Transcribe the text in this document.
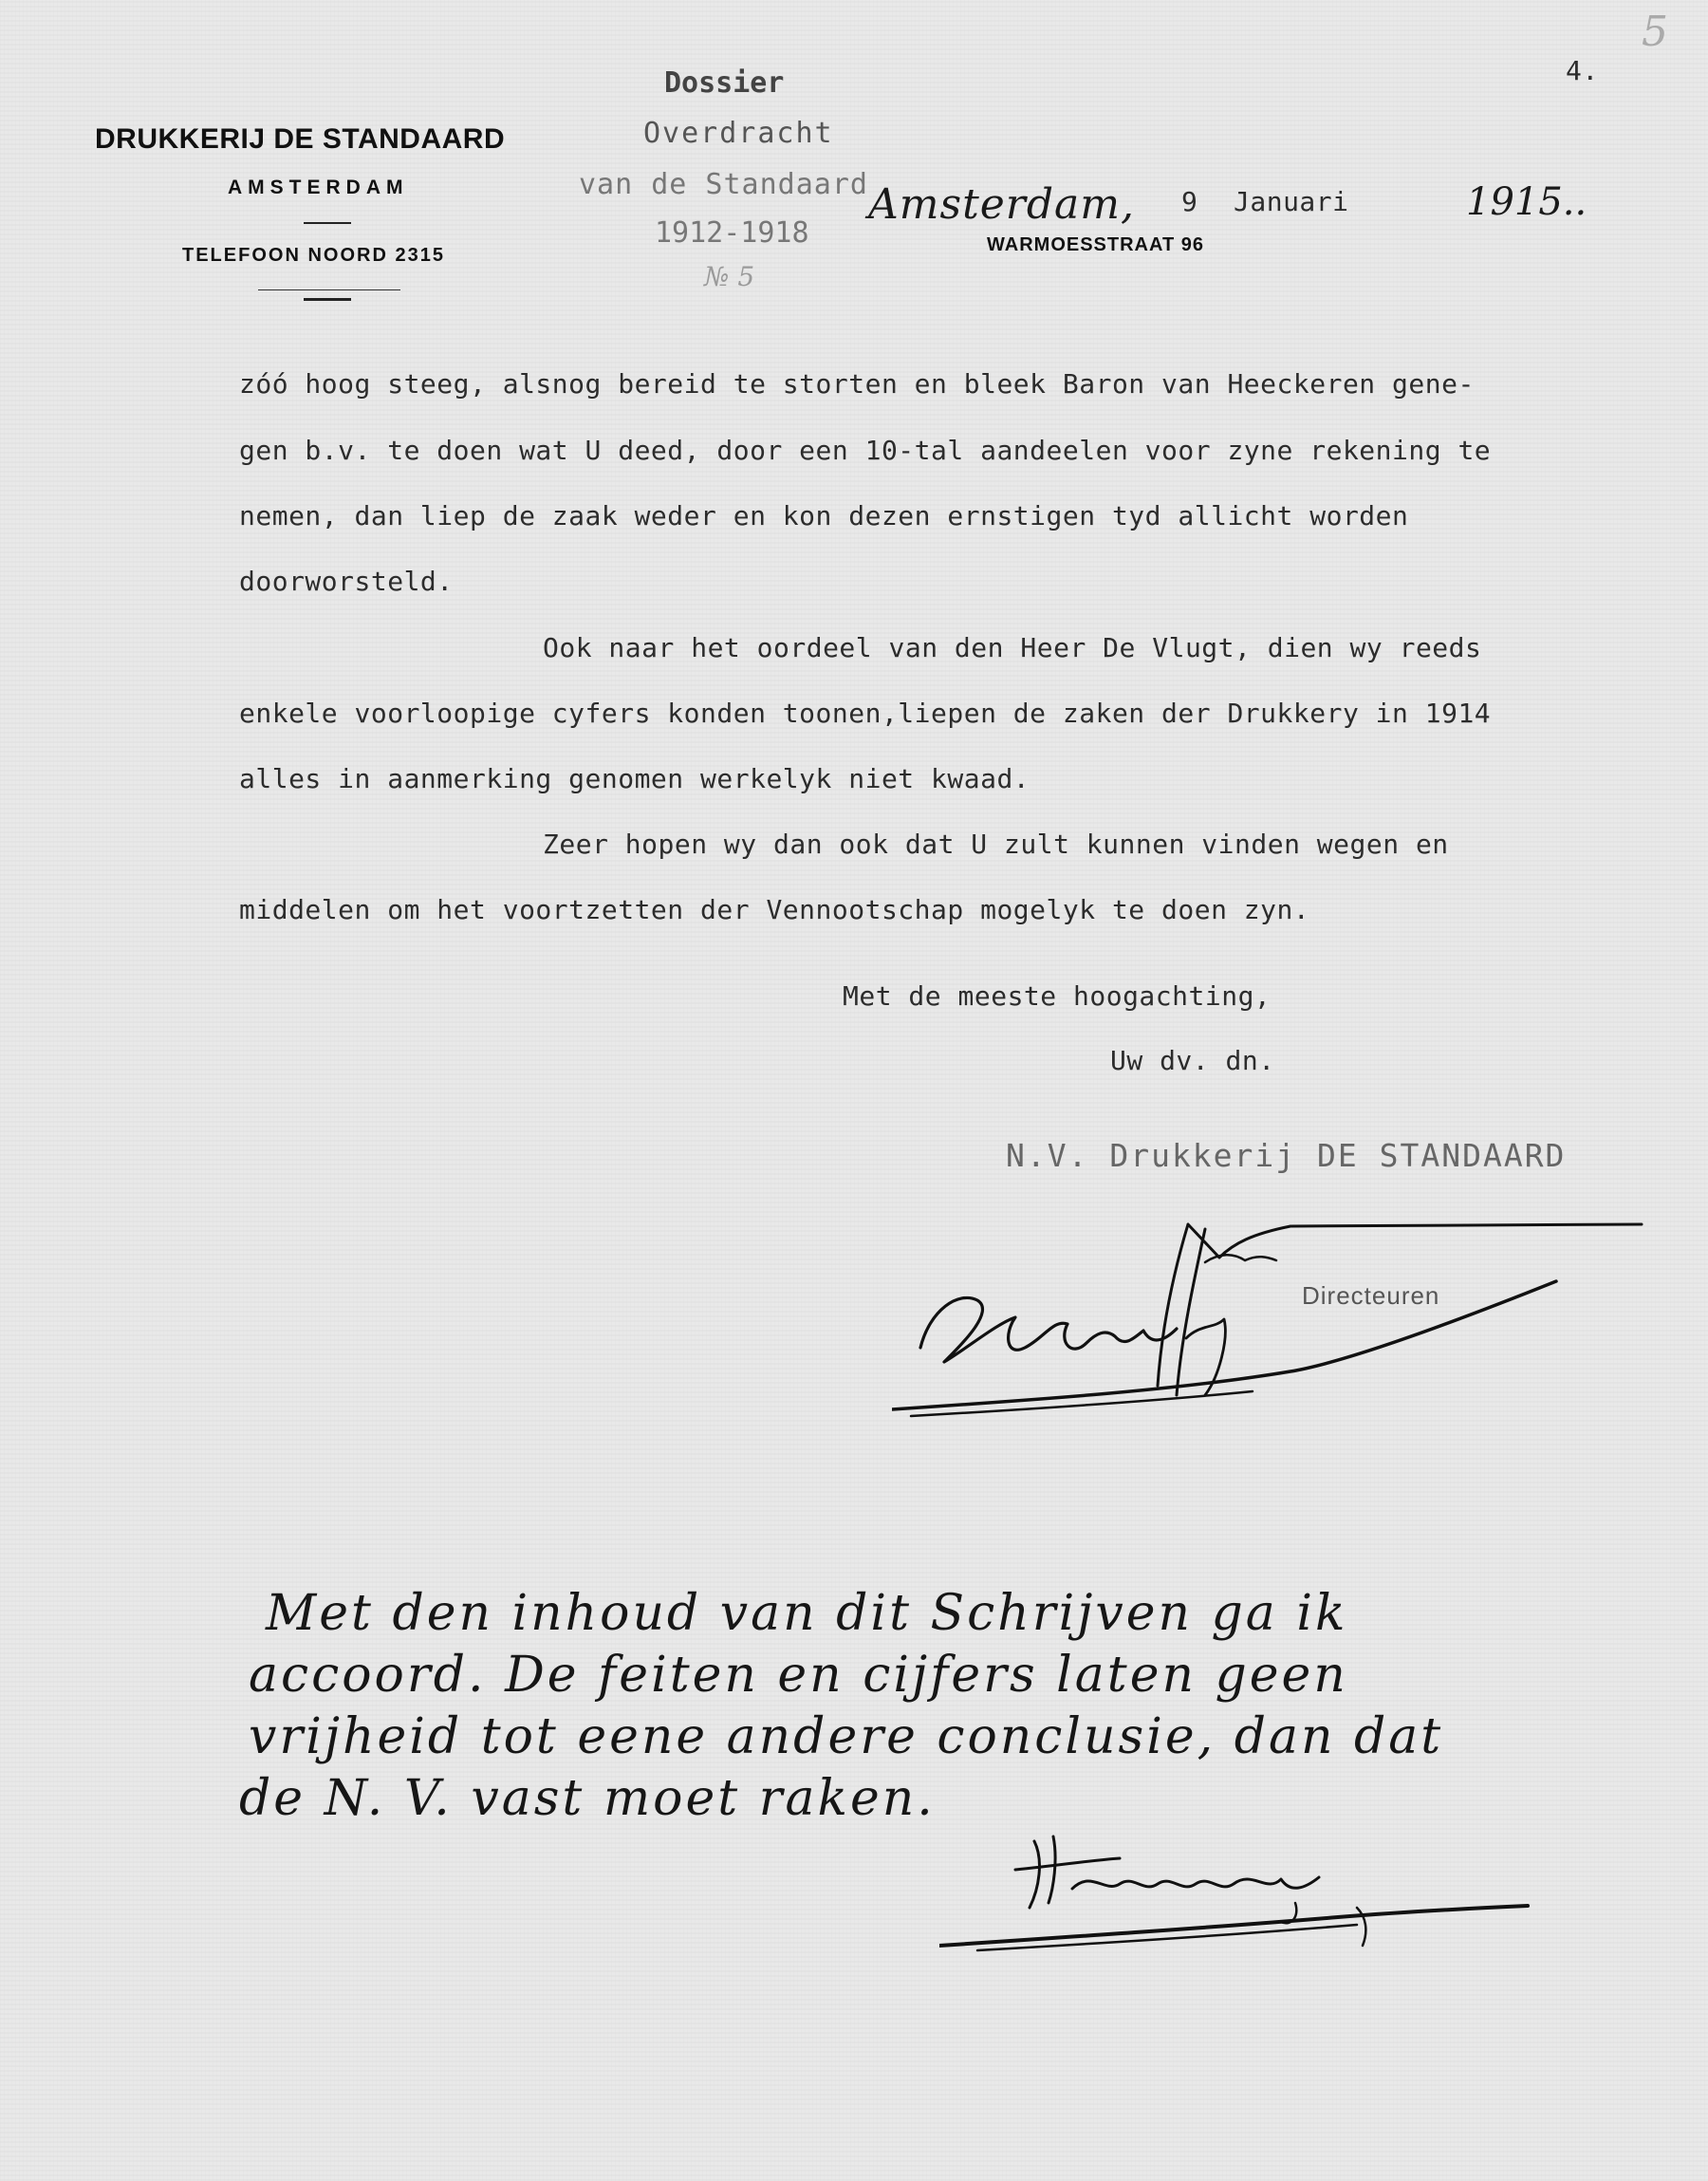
DRUKKERIJ DE STANDAARD
AMSTERDAM
TELEFOON NOORD 2315
Dossier
Overdracht
van de Standaard
1912-1918
№ 5
4.
5
Amsterdam, 9 Januari	1915..
WARMOESSTRAAT 96
zóó hoog steeg, alsnog bereid te storten en bleek Baron van Heeckeren gene-
gen b.v. te doen wat U deed, door een 10-tal aandeelen voor zyne rekening te
nemen, dan liep de zaak weder en kon dezen ernstigen tyd allicht worden
doorworsteld.
Ook naar het oordeel van den Heer De Vlugt, dien wy reeds
enkele voorloopige cyfers konden toonen,liepen de zaken der Drukkery in 1914
alles in aanmerking genomen werkelyk niet kwaad.
Zeer hopen wy dan ook dat U zult kunnen vinden wegen en
middelen om het voortzetten der Vennootschap mogelyk te doen zyn.
Met de meeste hoogachting,
Uw dv. dn.
N.V. Drukkerij DE STANDAARD
Directeuren
Met den inhoud van dit Schrijven ga ik
accoord. De feiten en cijfers laten geen
vrijheid tot eene andere conclusie, dan dat
de N. V. vast moet raken.
